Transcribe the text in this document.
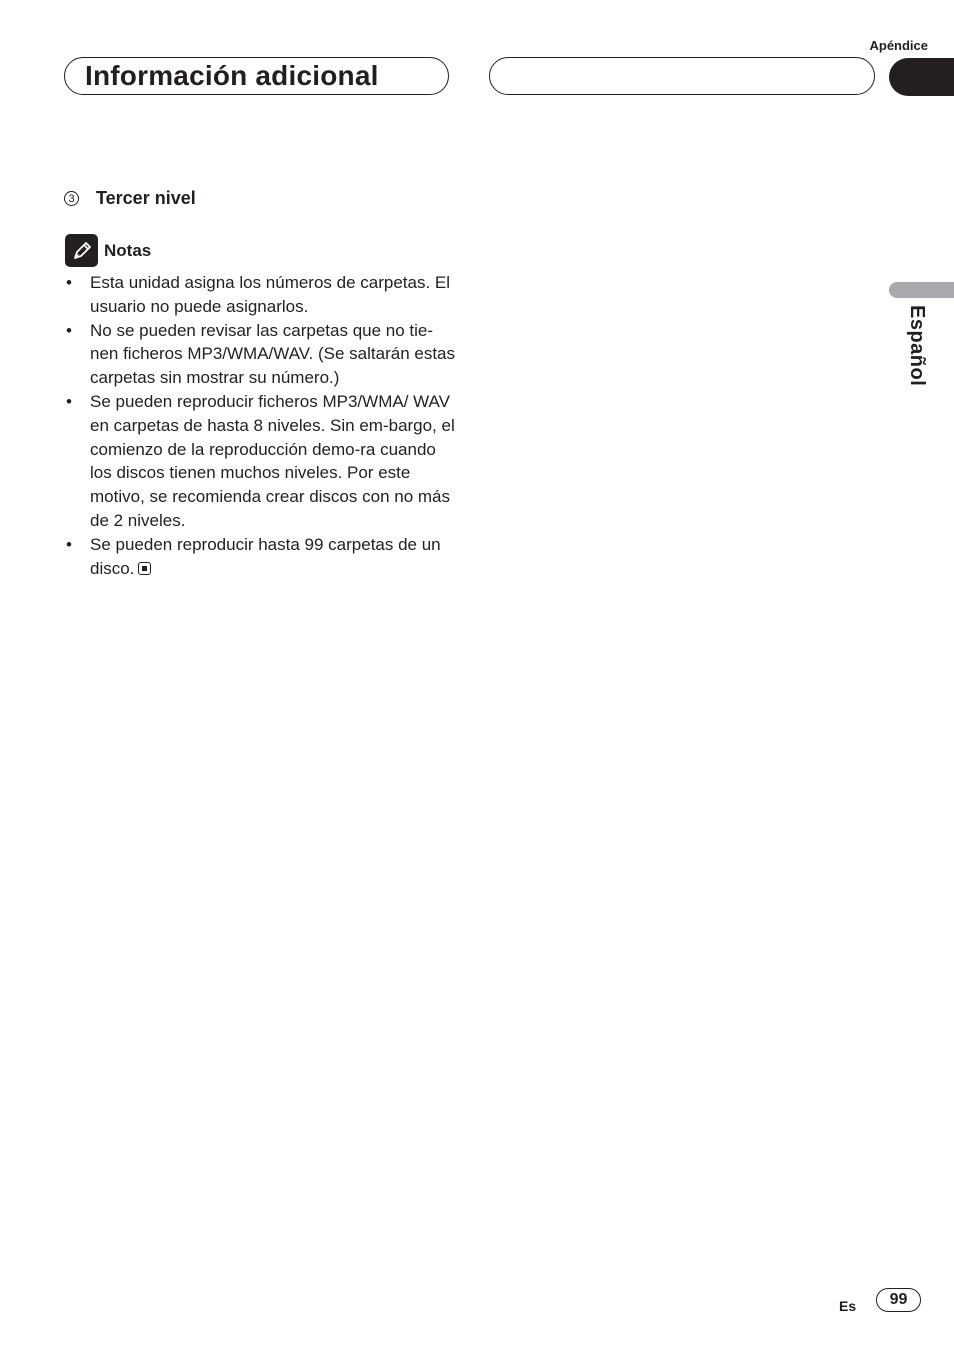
Apéndice
Información adicional
Español
3 Tercer nivel
Notas
• Esta unidad asigna los números de carpetas. El usuario no puede asignarlos.
• No se pueden revisar las carpetas que no tie-nen ficheros MP3/WMA/WAV. (Se saltarán estas carpetas sin mostrar su número.)
• Se pueden reproducir ficheros MP3/WMA/ WAV en carpetas de hasta 8 niveles. Sin em-bargo, el comienzo de la reproducción demo-ra cuando los discos tienen muchos niveles. Por este motivo, se recomienda crear discos con no más de 2 niveles.
• Se pueden reproducir hasta 99 carpetas de un disco.
Es	99
